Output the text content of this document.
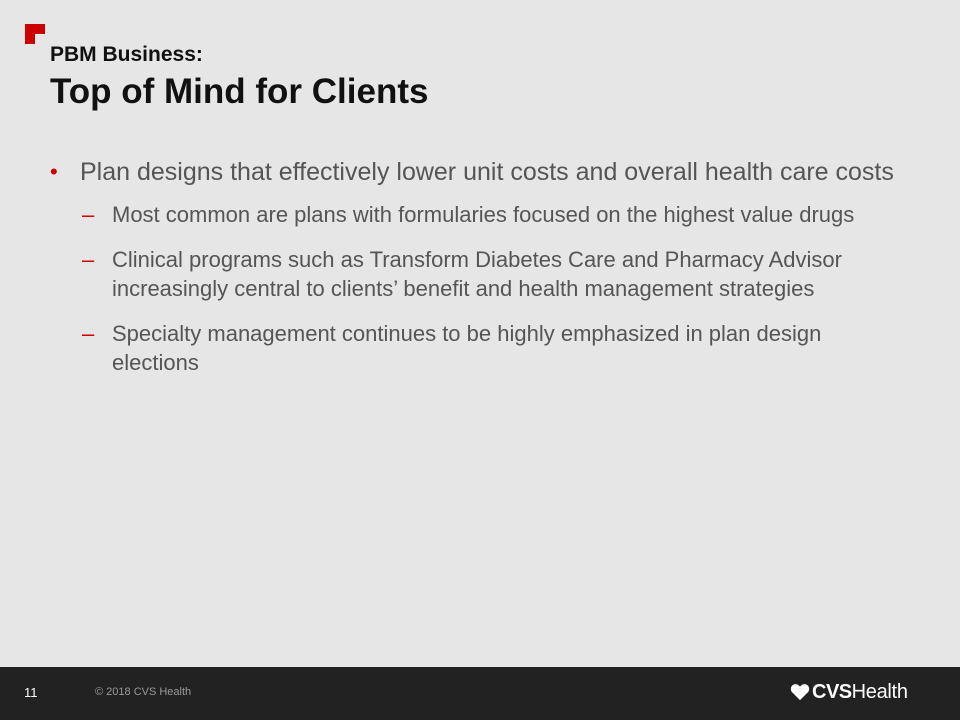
PBM Business:
Top of Mind for Clients
• Plan designs that effectively lower unit costs and overall health care costs
– Most common are plans with formularies focused on the highest value drugs
– Clinical programs such as Transform Diabetes Care and Pharmacy Advisor increasingly central to clients’ benefit and health management strategies
– Specialty management continues to be highly emphasized in plan design elections
11	© 2018 CVS Health	CVS Health
